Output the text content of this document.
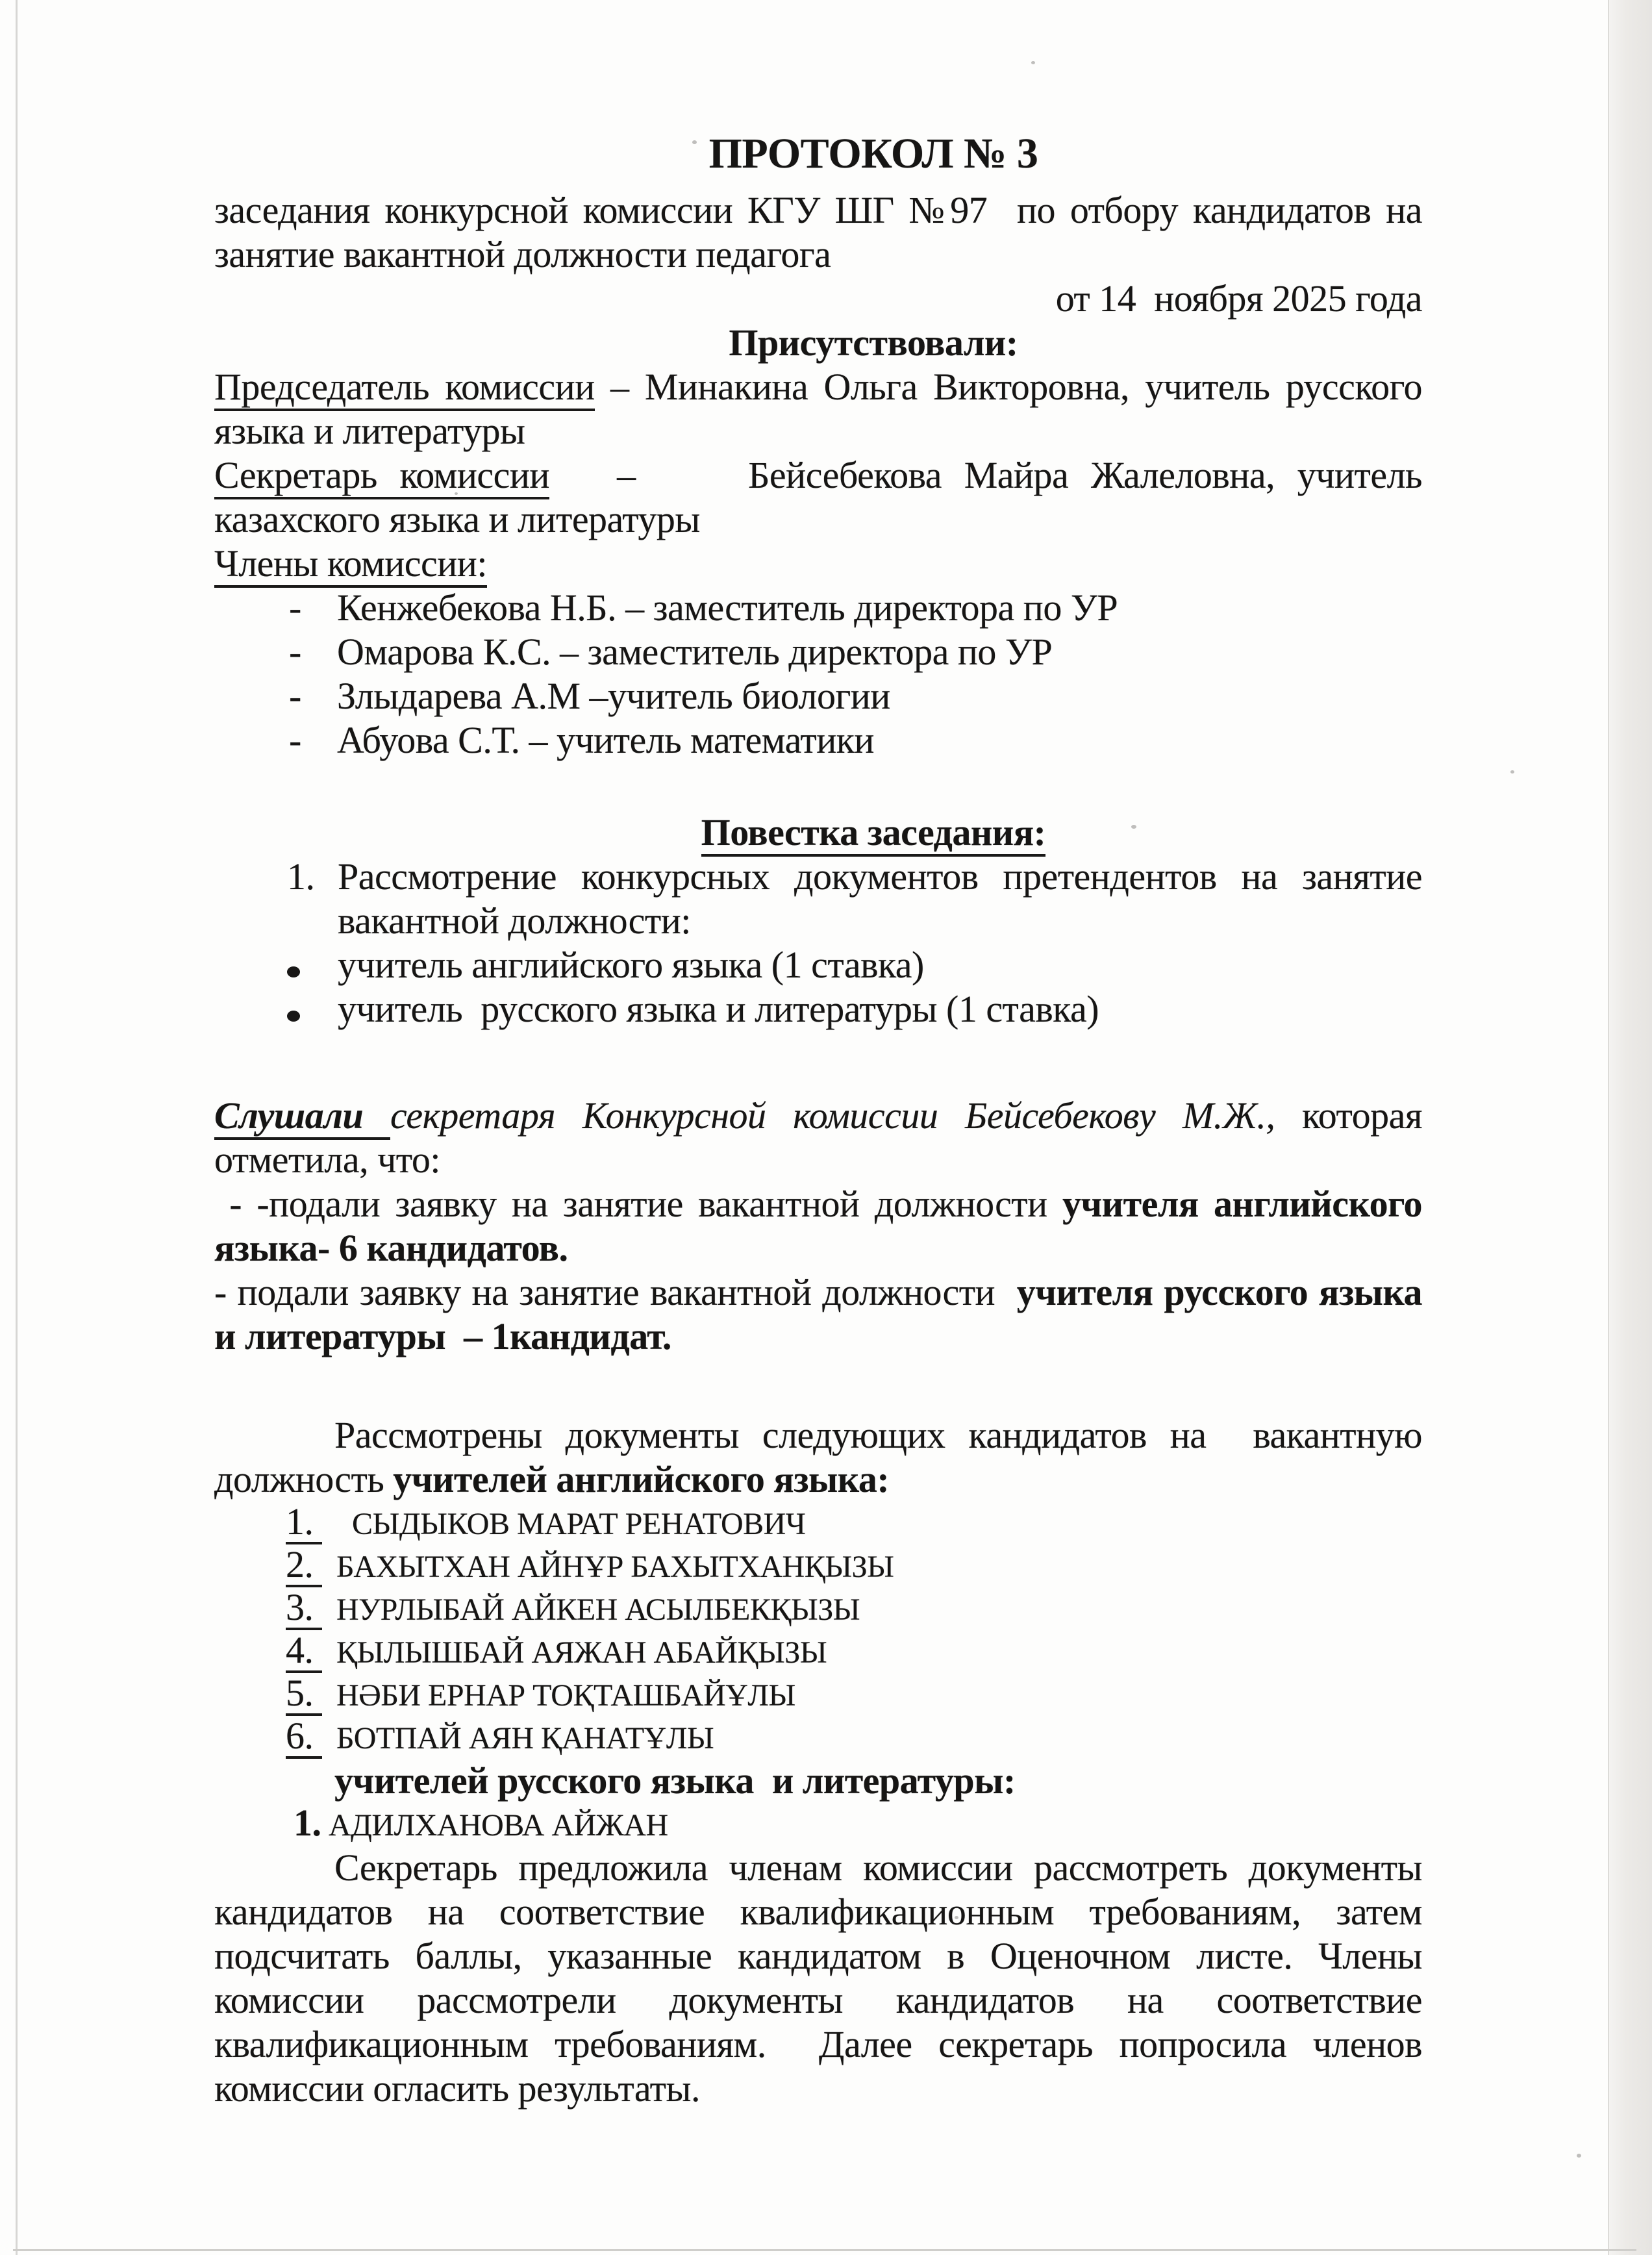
ПРОТОКОЛ № 3

заседания конкурсной комиссии КГУ ШГ №97  по отбору кандидатов на занятие вакантной должности педагога

от 14  ноября 2025 года

Присутствовали:

Председатель комиссии – Минакина Ольга Викторовна, учитель русского языка и литературы

Секретарь комиссии   –     Бейсебекова Майра Жалеловна, учитель казахского языка и литературы

Члены комиссии:

- Кенжебекова Н.Б. – заместитель директора по УР
- Омарова К.С. – заместитель директора по УР
- Злыдарева А.М –учитель биологии
- Абуова С.Т. – учитель математики

Повестка заседания:

1. Рассмотрение конкурсных документов претендентов на занятие вакантной должности:
учитель английского языка (1 ставка)
учитель  русского языка и литературы (1 ставка)

Слушали секретаря Конкурсной комиссии Бейсебекову М.Ж., которая отметила, что:

- -подали заявку на занятие вакантной должности учителя английского языка- 6 кандидатов.

- подали заявку на занятие вакантной должности  учителя русского языка и литературы  – 1кандидат.

Рассмотрены документы следующих кандидатов на  вакантную должность учителей английского языка:

1.	СЫДЫКОВ МАРАТ РЕНАТОВИЧ
2. БАХЫТХАН АЙНҰР БАХЫТХАНҚЫЗЫ
3. НУРЛЫБАЙ АЙКЕН АСЫЛБЕКҚЫЗЫ
4. ҚЫЛЫШБАЙ АЯЖАН АБАЙҚЫЗЫ
5. НӘБИ ЕРНАР ТОҚТАШБАЙҰЛЫ
6. БОТПАЙ АЯН ҚАНАТҰЛЫ

учителей русского языка  и литературы:

1. АДИЛХАНОВА АЙЖАН

Секретарь предложила членам комиссии рассмотреть документы кандидатов на соответствие квалификационным требованиям, затем подсчитать баллы, указанные кандидатом в Оценочном листе. Члены комиссии рассмотрели документы кандидатов на соответствие квалификационным требованиям.  Далее секретарь попросила членов комиссии огласить результаты.
